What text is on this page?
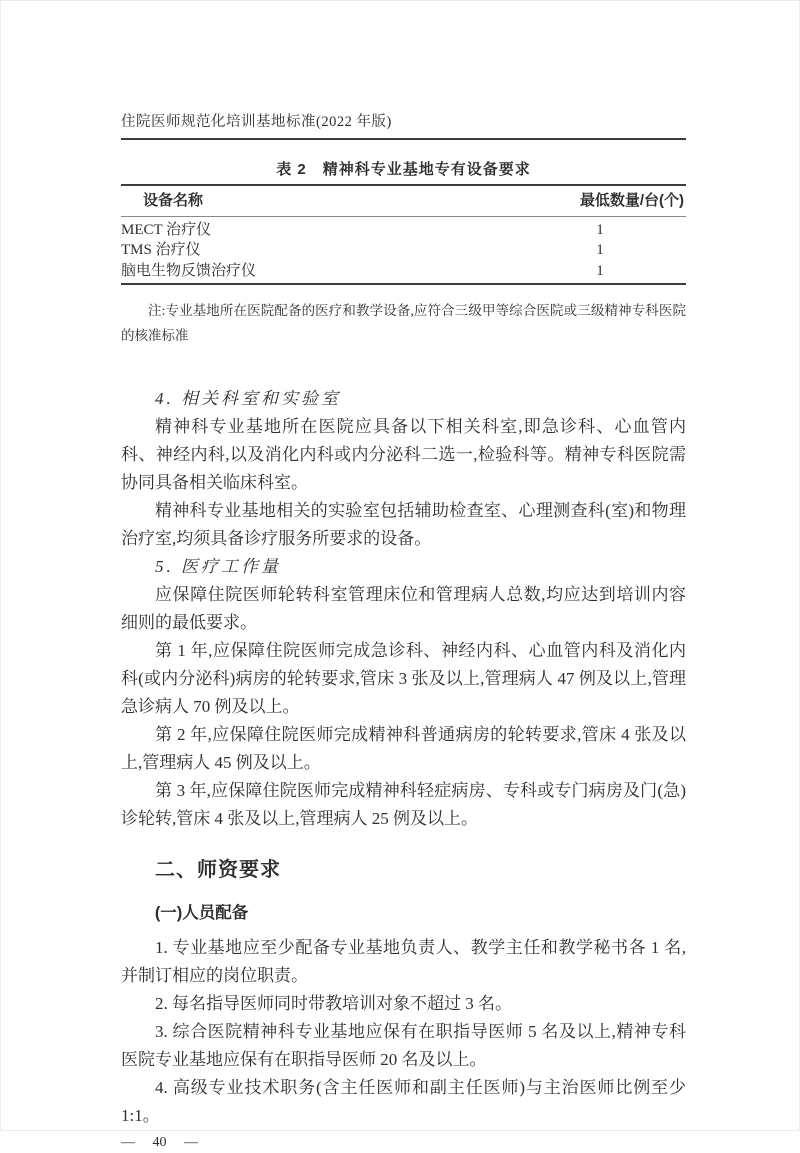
住院医师规范化培训基地标准(2022 年版)
表 2　精神科专业基地专有设备要求
设备名称	最低数量/台(个)
MECT 治疗仪	1
TMS 治疗仪	1
脑电生物反馈治疗仪	1
注:专业基地所在医院配备的医疗和教学设备,应符合三级甲等综合医院或三级精神专科医院的核准标准

4. 相关科室和实验室

精神科专业基地所在医院应具备以下相关科室,即急诊科、心血管内科、神经内科,以及消化内科或内分泌科二选一,检验科等。精神专科医院需协同具备相关临床科室。

精神科专业基地相关的实验室包括辅助检查室、心理测查科(室)和物理治疗室,均须具备诊疗服务所要求的设备。

5. 医疗工作量

应保障住院医师轮转科室管理床位和管理病人总数,均应达到培训内容细则的最低要求。

第 1 年,应保障住院医师完成急诊科、神经内科、心血管内科及消化内科(或内分泌科)病房的轮转要求,管床 3 张及以上,管理病人 47 例及以上,管理急诊病人 70 例及以上。

第 2 年,应保障住院医师完成精神科普通病房的轮转要求,管床 4 张及以上,管理病人 45 例及以上。

第 3 年,应保障住院医师完成精神科轻症病房、专科或专门病房及门(急)诊轮转,管床 4 张及以上,管理病人 25 例及以上。

二、师资要求
(一)人员配备

1. 专业基地应至少配备专业基地负责人、教学主任和教学秘书各 1 名,并制订相应的岗位职责。

2. 每名指导医师同时带教培训对象不超过 3 名。

3. 综合医院精神科专业基地应保有在职指导医师 5 名及以上,精神专科医院专业基地应保有在职指导医师 20 名及以上。

4. 高级专业技术职务(含主任医师和副主任医师)与主治医师比例至少 1:1。

— 40 —
